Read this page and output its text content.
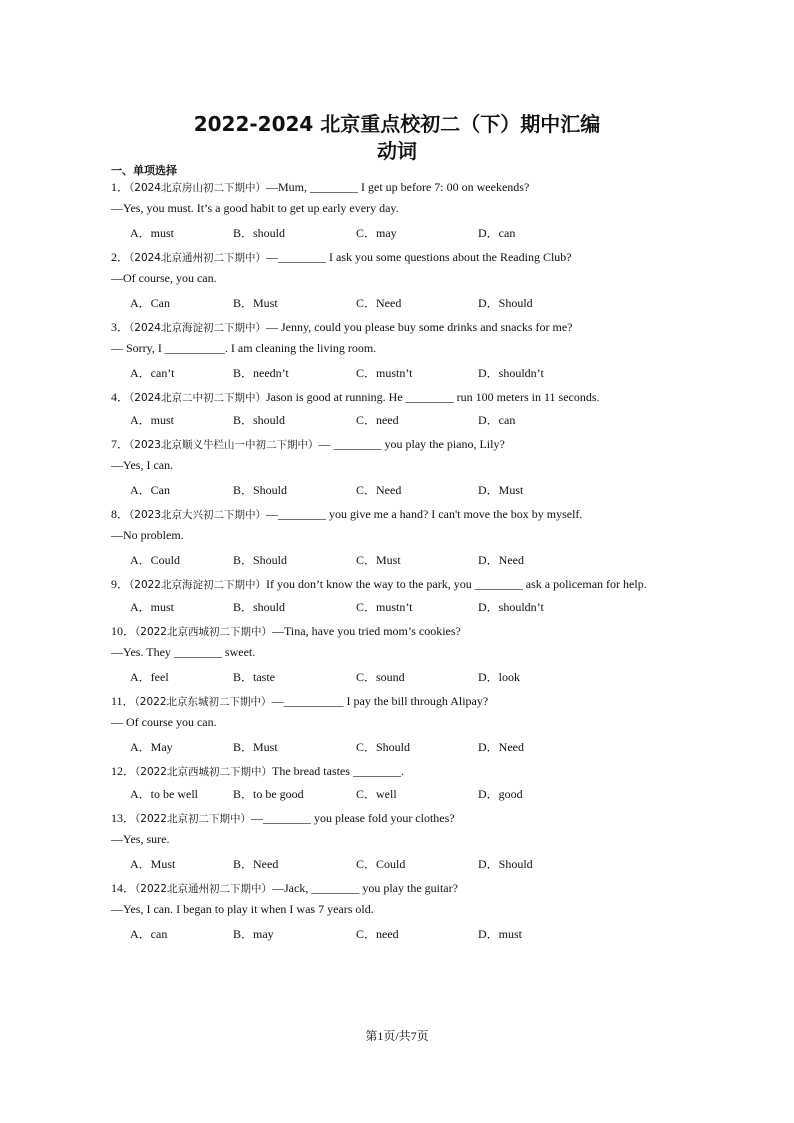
2022-2024 北京重点校初二（下）期中汇编
动词
一、单项选择
1．（2024北京房山初二下期中）—Mum, ________ I get up before 7: 00 on weekends?
—Yes, you must. It’s a good habit to get up early every day.
A．must	B．should	C．may	D．can
2．（2024北京通州初二下期中）—________ I ask you some questions about the Reading Club?
—Of course, you can.
A．Can	B．Must	C．Need	D．Should
3．（2024北京海淀初二下期中）— Jenny, could you please buy some drinks and snacks for me?
— Sorry, I __________. I am cleaning the living room.
A．can’t	B．needn’t	C．mustn’t	D．shouldn’t
4．（2024北京二中初二下期中）Jason is good at running. He ________ run 100 meters in 11 seconds.
A．must	B．should	C．need	D．can
7．（2023北京顺义牛栏山一中初二下期中）— ________ you play the piano, Lily?
—Yes, I can.
A．Can	B．Should	C．Need	D．Must
8．（2023北京大兴初二下期中）—________ you give me a hand? I can't move the box by myself.
—No problem.
A．Could	B．Should	C．Must	D．Need
9．（2022北京海淀初二下期中）If you don’t know the way to the park, you ________ ask a policeman for help.
A．must	B．should	C．mustn’t	D．shouldn’t
10．（2022北京西城初二下期中）—Tina, have you tried mom’s cookies?
—Yes. They ________ sweet.
A．feel	B．taste	C．sound	D．look
11．（2022北京东城初二下期中）—__________ I pay the bill through Alipay?
— Of course you can.
A．May	B．Must	C．Should	D．Need
12．（2022北京西城初二下期中）The bread tastes ________.
A．to be well	B．to be good	C．well	D．good
13．（2022北京初二下期中）—________ you please fold your clothes?
—Yes, sure.
A．Must	B．Need	C．Could	D．Should
14．（2022北京通州初二下期中）—Jack, ________ you play the guitar?
—Yes, I can. I began to play it when I was 7 years old.
A．can	B．may	C．need	D．must
第1页/共7页
